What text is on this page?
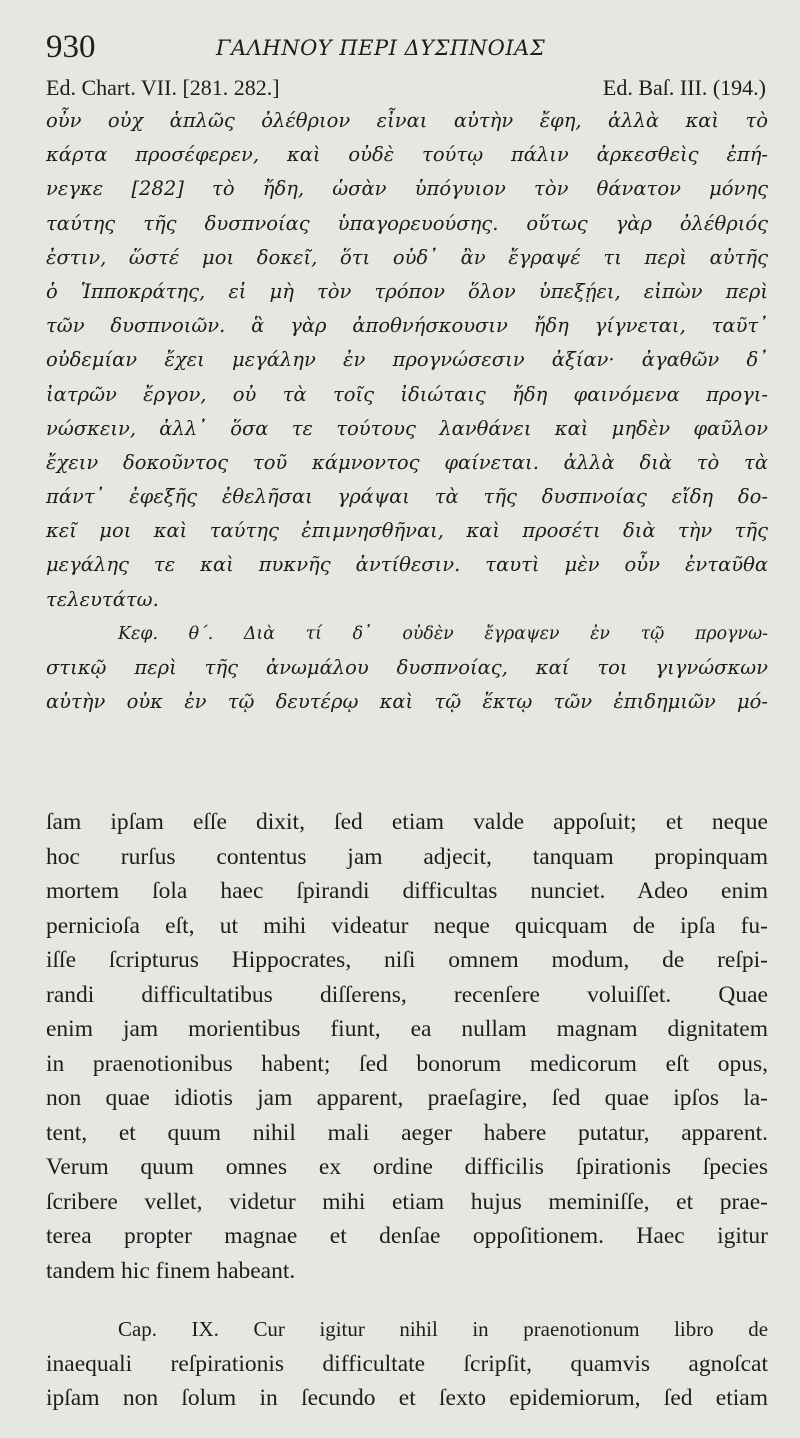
930	ΓΑΛΗΝΟΥ ΠΕΡΙ ΔΥΣΠΝΟΙΑΣ
Ed. Chart. VII. [281. 282.]	Ed. Baſ. III. (194.)
οὖν οὐχ ἁπλῶς ὀλέθριον εἶναι αὐτὴν ἔφη, ἀλλὰ καὶ τὸ
κάρτα προσέφερεν, καὶ οὐδὲ τούτῳ πάλιν ἀρκεσθεὶς ἐπή-
νεγκε [282] τὸ ἤδη, ὡσὰν ὑπόγυιον τὸν θάνατον μόνης
ταύτης τῆς δυσπνοίας ὑπαγορευούσης. οὕτως γὰρ ὀλέθριός
ἐστιν, ὥστέ μοι δοκεῖ, ὅτι οὐδ᾽ ἂν ἔγραψέ τι περὶ αὐτῆς
ὁ Ἱπποκράτης, εἰ μὴ τὸν τρόπον ὅλον ὑπεξῄει, εἰπὼν περὶ
τῶν δυσπνοιῶν. ἃ γὰρ ἀποθνήσκουσιν ἤδη γίγνεται, ταῦτ᾽
οὐδεμίαν ἔχει μεγάλην ἐν προγνώσεσιν ἀξίαν· ἀγαθῶν δ᾽
ἰατρῶν ἔργον, οὐ τὰ τοῖς ἰδιώταις ἤδη φαινόμενα προγι-
νώσκειν, ἀλλ᾽ ὅσα τε τούτους λανθάνει καὶ μηδὲν φαῦλον
ἔχειν δοκοῦντος τοῦ κάμνοντος φαίνεται. ἀλλὰ διὰ τὸ τὰ
πάντ᾽ ἐφεξῆς ἐθελῆσαι γράψαι τὰ τῆς δυσπνοίας εἴδη δο-
κεῖ μοι καὶ ταύτης ἐπιμνησθῆναι, καὶ προσέτι διὰ τὴν τῆς
μεγάλης τε καὶ πυκνῆς ἀντίθεσιν. ταυτὶ μὲν οὖν ἐνταῦθα
τελευτάτω.
Κεφ. θ΄. Διὰ τί δ᾽ οὐδὲν ἔγραψεν ἐν τῷ προγνω-
στικῷ περὶ τῆς ἀνωμάλου δυσπνοίας, καί τοι γιγνώσκων
αὐτὴν οὐκ ἐν τῷ δευτέρῳ καὶ τῷ ἕκτῳ τῶν ἐπιδημιῶν μό-
ſam ipſam eſſe dixit, ſed etiam valde appoſuit; et neque
hoc rurſus contentus jam adjecit, tanquam propinquam
mortem ſola haec ſpirandi difficultas nunciet. Adeo enim
pernicioſa eſt, ut mihi videatur neque quicquam de ipſa fu-
iſſe ſcripturus Hippocrates, niſi omnem modum, de reſpi-
randi difficultatibus diſſerens, recenſere voluiſſet. Quae
enim jam morientibus fiunt, ea nullam magnam dignitatem
in praenotionibus habent; ſed bonorum medicorum eſt opus,
non quae idiotis jam apparent, praeſagire, ſed quae ipſos la-
tent, et quum nihil mali aeger habere putatur, apparent.
Verum quum omnes ex ordine difficilis ſpirationis ſpecies
ſcribere vellet, videtur mihi etiam hujus meminiſſe, et prae-
terea propter magnae et denſae oppoſitionem. Haec igitur
tandem hic finem habeant.
Cap. IX. Cur igitur nihil in praenotionum libro de
inaequali reſpirationis difficultate ſcripſit, quamvis agnoſcat
ipſam non ſolum in ſecundo et ſexto epidemiorum, ſed etiam
